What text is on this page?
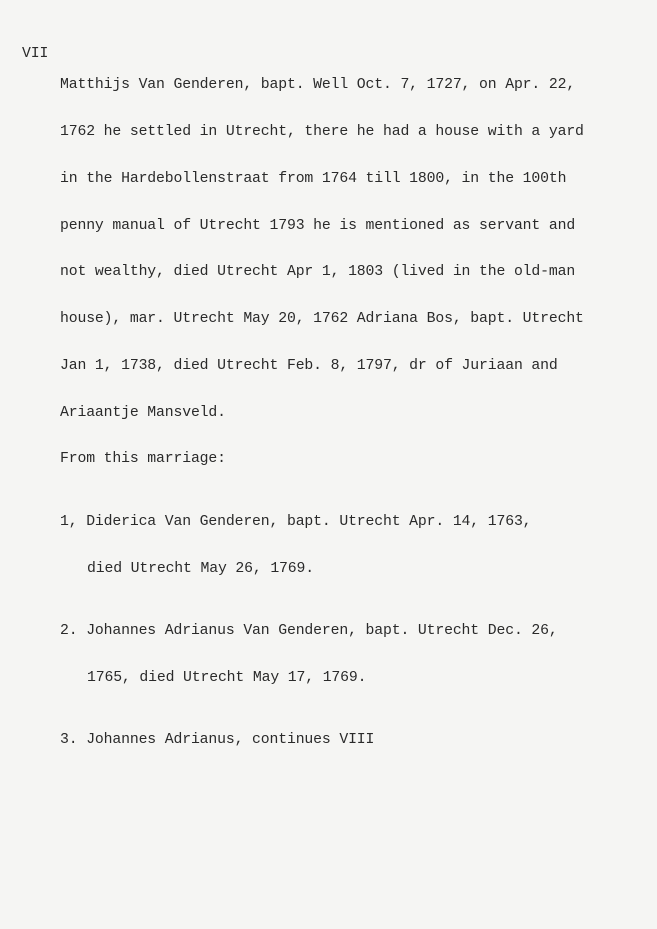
VII

Matthijs Van Genderen, bapt. Well Oct. 7, 1727, on Apr. 22,

1762 he settled in Utrecht, there he had a house with a yard

in the Hardebollenstraat from 1764 till 1800, in the 100th

penny manual of Utrecht 1793 he is mentioned as servant and

not wealthy, died Utrecht Apr 1, 1803 (lived in the old-man

house), mar. Utrecht May 20, 1762 Adriana Bos, bapt. Utrecht

Jan 1, 1738, died Utrecht Feb. 8, 1797, dr of Juriaan and

Ariaantje Mansveld.

From this marriage:

1, Diderica Van Genderen, bapt. Utrecht Apr. 14, 1763,

died Utrecht May 26, 1769.

2. Johannes Adrianus Van Genderen, bapt. Utrecht Dec. 26,

1765, died Utrecht May 17, 1769.

3. Johannes Adrianus, continues VIII
